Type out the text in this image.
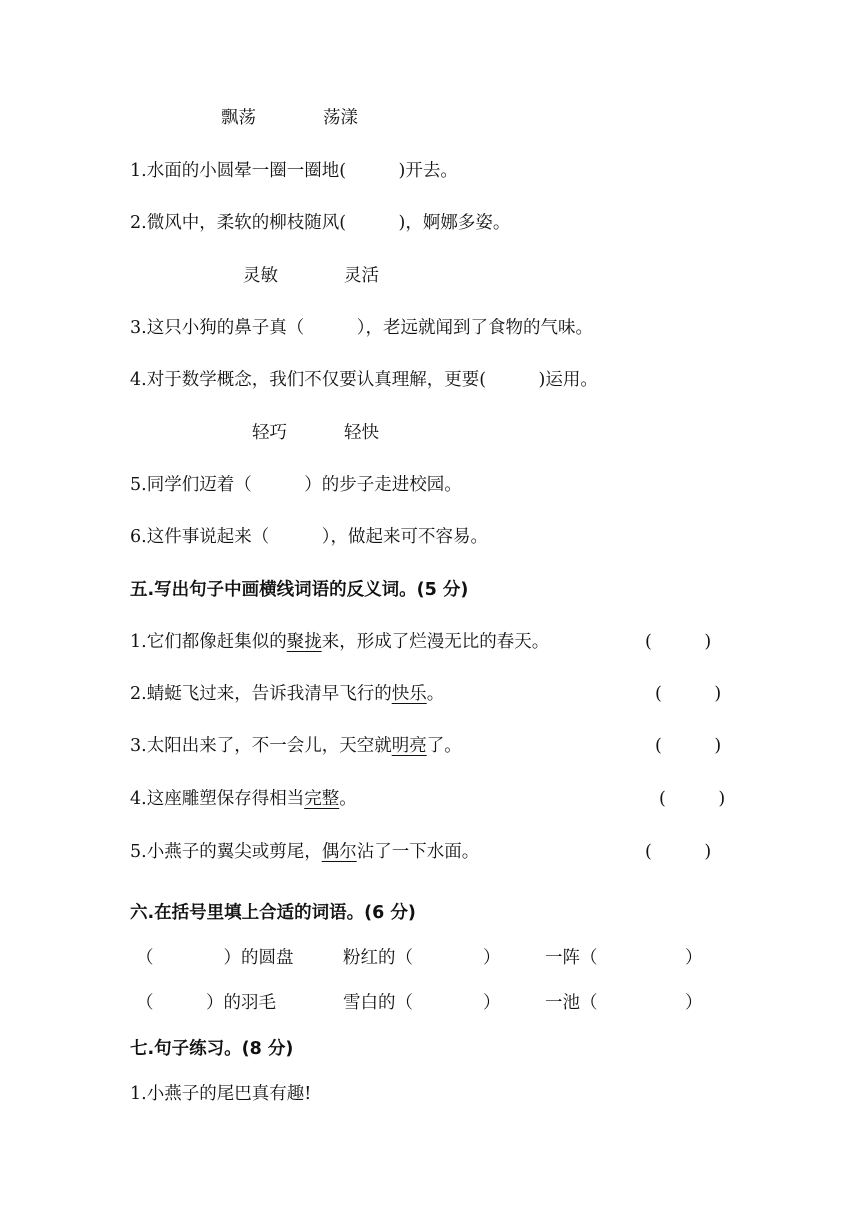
飘荡	荡漾
1.水面的小圆晕一圈一圈地(　　　)开去。
2.微风中，柔软的柳枝随风(　　　)，婀娜多姿。
灵敏	灵活
3.这只小狗的鼻子真（　　　），老远就闻到了食物的气味。
4.对于数学概念，我们不仅要认真理解，更要(　　　)运用。
轻巧	轻快
5.同学们迈着（　　　）的步子走进校园。
6.这件事说起来（　　　），做起来可不容易。
五.写出句子中画横线词语的反义词。(5 分)
1.它们都像赶集似的聚拢来，形成了烂漫无比的春天。	(　　　)
2.蜻蜓飞过来，告诉我清早飞行的快乐。	(　　　)
3.太阳出来了，不一会儿，天空就明亮了。	(　　　)
4.这座雕塑保存得相当完整。	(　　　)
5.小燕子的翼尖或剪尾，偶尔沾了一下水面。	(　　　)
六.在括号里填上合适的词语。(6 分)
（　　　　）的圆盘	粉红的（　　　　）	一阵（　　　　　）
（　　　）的羽毛	雪白的（　　　　）	一池（　　　　　）
七.句子练习。(8 分)
1.小燕子的尾巴真有趣!
